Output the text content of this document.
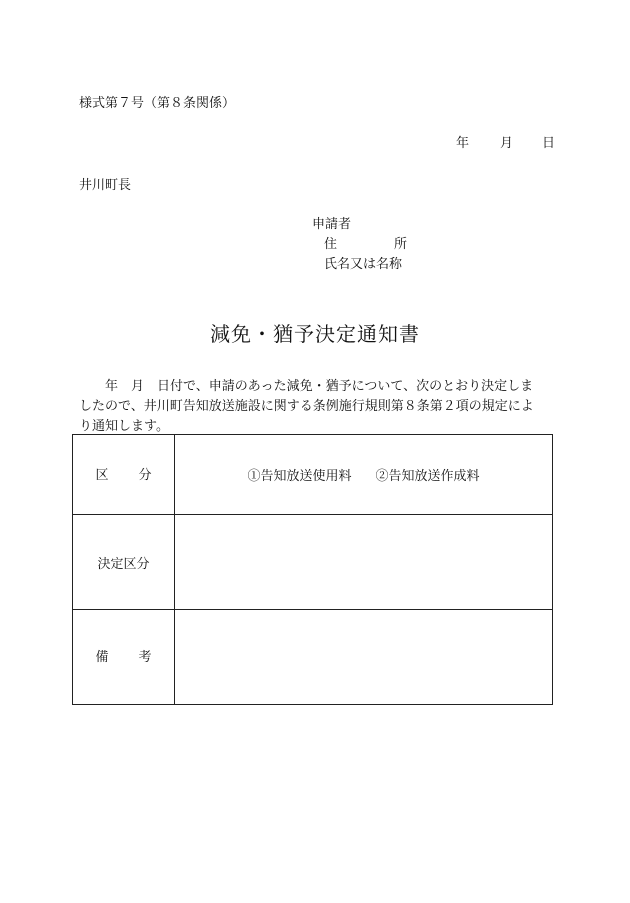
様式第７号（第８条関係）
年 月 日
井川町長
申請者
住	所
氏名又は名称
減免・猶予決定通知書
年　月　日付で、申請のあった減免・猶予について、次のとおり決定しま
したので、井川町告知放送施設に関する条例施行規則第８条第２項の規定によ
り通知します。
区 分	①告知放送使用料 ②告知放送作成料
決定区分	

備 考	
